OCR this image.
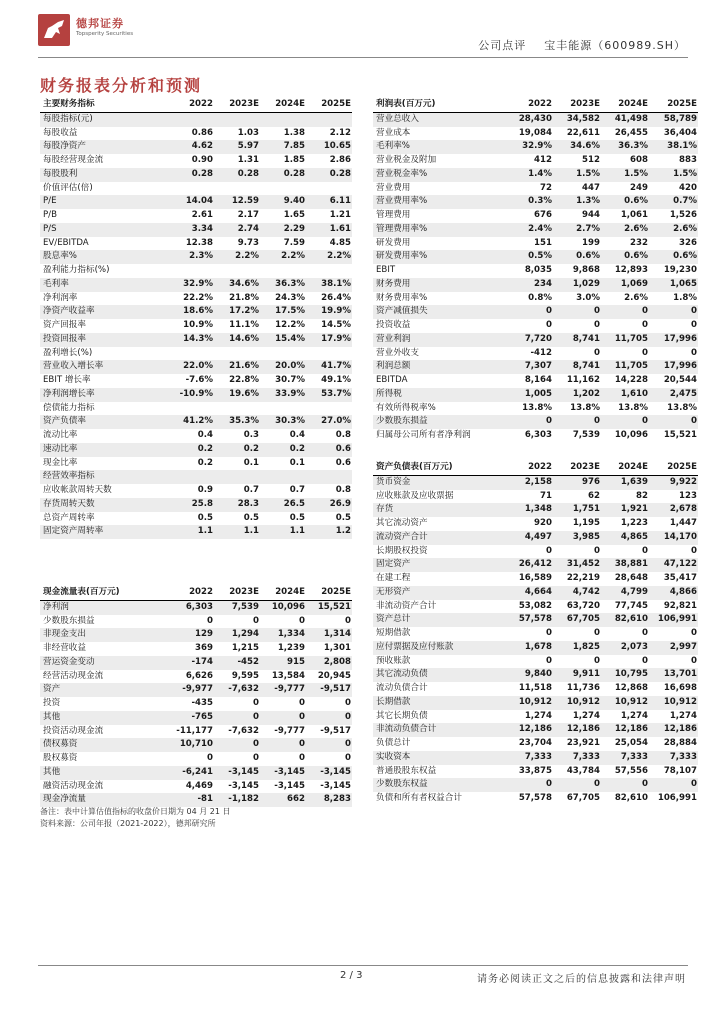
德邦证券
Topsperity Securities
公司点评 宝丰能源（600989.SH）
财务报表分析和预测
主要财务指标	2022	2023E	2024E	2025E
每股指标(元)				
每股收益	0.86	1.03	1.38	2.12
每股净资产	4.62	5.97	7.85	10.65
每股经营现金流	0.90	1.31	1.85	2.86
每股股利	0.28	0.28	0.28	0.28
价值评估(倍)				
P/E	14.04	12.59	9.40	6.11
P/B	2.61	2.17	1.65	1.21
P/S	3.34	2.74	2.29	1.61
EV/EBITDA	12.38	9.73	7.59	4.85
股息率%	2.3%	2.2%	2.2%	2.2%
盈利能力指标(%)				
毛利率	32.9%	34.6%	36.3%	38.1%
净利润率	22.2%	21.8%	24.3%	26.4%
净资产收益率	18.6%	17.2%	17.5%	19.9%
资产回报率	10.9%	11.1%	12.2%	14.5%
投资回报率	14.3%	14.6%	15.4%	17.9%
盈利增长(%)				
营业收入增长率	22.0%	21.6%	20.0%	41.7%
EBIT 增长率	-7.6%	22.8%	30.7%	49.1%
净利润增长率	-10.9%	19.6%	33.9%	53.7%
偿债能力指标				
资产负债率	41.2%	35.3%	30.3%	27.0%
流动比率	0.4	0.3	0.4	0.8
速动比率	0.2	0.2	0.2	0.6
现金比率	0.2	0.1	0.1	0.6
经营效率指标				
应收帐款周转天数	0.9	0.7	0.7	0.8
存货周转天数	25.8	28.3	26.5	26.9
总资产周转率	0.5	0.5	0.5	0.5
固定资产周转率	1.1	1.1	1.1	1.2
利润表(百万元)	2022	2023E	2024E	2025E
营业总收入	28,430	34,582	41,498	58,789
营业成本	19,084	22,611	26,455	36,404
毛利率%	32.9%	34.6%	36.3%	38.1%
营业税金及附加	412	512	608	883
营业税金率%	1.4%	1.5%	1.5%	1.5%
营业费用	72	447	249	420
营业费用率%	0.3%	1.3%	0.6%	0.7%
管理费用	676	944	1,061	1,526
管理费用率%	2.4%	2.7%	2.6%	2.6%
研发费用	151	199	232	326
研发费用率%	0.5%	0.6%	0.6%	0.6%
EBIT	8,035	9,868	12,893	19,230
财务费用	234	1,029	1,069	1,065
财务费用率%	0.8%	3.0%	2.6%	1.8%
资产减值损失	0	0	0	0
投资收益	0	0	0	0
营业利润	7,720	8,741	11,705	17,996
营业外收支	-412	0	0	0
利润总额	7,307	8,741	11,705	17,996
EBITDA	8,164	11,162	14,228	20,544
所得税	1,005	1,202	1,610	2,475
有效所得税率%	13.8%	13.8%	13.8%	13.8%
少数股东损益	0	0	0	0
归属母公司所有者净利润	6,303	7,539	10,096	15,521
资产负债表(百万元)	2022	2023E	2024E	2025E
货币资金	2,158	976	1,639	9,922
应收账款及应收票据	71	62	82	123
存货	1,348	1,751	1,921	2,678
其它流动资产	920	1,195	1,223	1,447
流动资产合计	4,497	3,985	4,865	14,170
长期股权投资	0	0	0	0
固定资产	26,412	31,452	38,881	47,122
在建工程	16,589	22,219	28,648	35,417
无形资产	4,664	4,742	4,799	4,866
非流动资产合计	53,082	63,720	77,745	92,821
资产总计	57,578	67,705	82,610	106,991
短期借款	0	0	0	0
应付票据及应付账款	1,678	1,825	2,073	2,997
预收账款	0	0	0	0
其它流动负债	9,840	9,911	10,795	13,701
流动负债合计	11,518	11,736	12,868	16,698
长期借款	10,912	10,912	10,912	10,912
其它长期负债	1,274	1,274	1,274	1,274
非流动负债合计	12,186	12,186	12,186	12,186
负债总计	23,704	23,921	25,054	28,884
实收资本	7,333	7,333	7,333	7,333
普通股股东权益	33,875	43,784	57,556	78,107
少数股东权益	0	0	0	0
负债和所有者权益合计	57,578	67,705	82,610	106,991
现金流量表(百万元)	2022	2023E	2024E	2025E
净利润	6,303	7,539	10,096	15,521
少数股东损益	0	0	0	0
非现金支出	129	1,294	1,334	1,314
非经营收益	369	1,215	1,239	1,301
营运资金变动	-174	-452	915	2,808
经营活动现金流	6,626	9,595	13,584	20,945
资产	-9,977	-7,632	-9,777	-9,517
投资	-435	0	0	0
其他	-765	0	0	0
投资活动现金流	-11,177	-7,632	-9,777	-9,517
债权募资	10,710	0	0	0
股权募资	0	0	0	0
其他	-6,241	-3,145	-3,145	-3,145
融资活动现金流	4,469	-3,145	-3,145	-3,145
现金净流量	-81	-1,182	662	8,283
备注：表中计算估值指标的收盘价日期为 04 月 21 日
资料来源：公司年报（2021-2022），德邦研究所
2 / 3	请务必阅读正文之后的信息披露和法律声明
